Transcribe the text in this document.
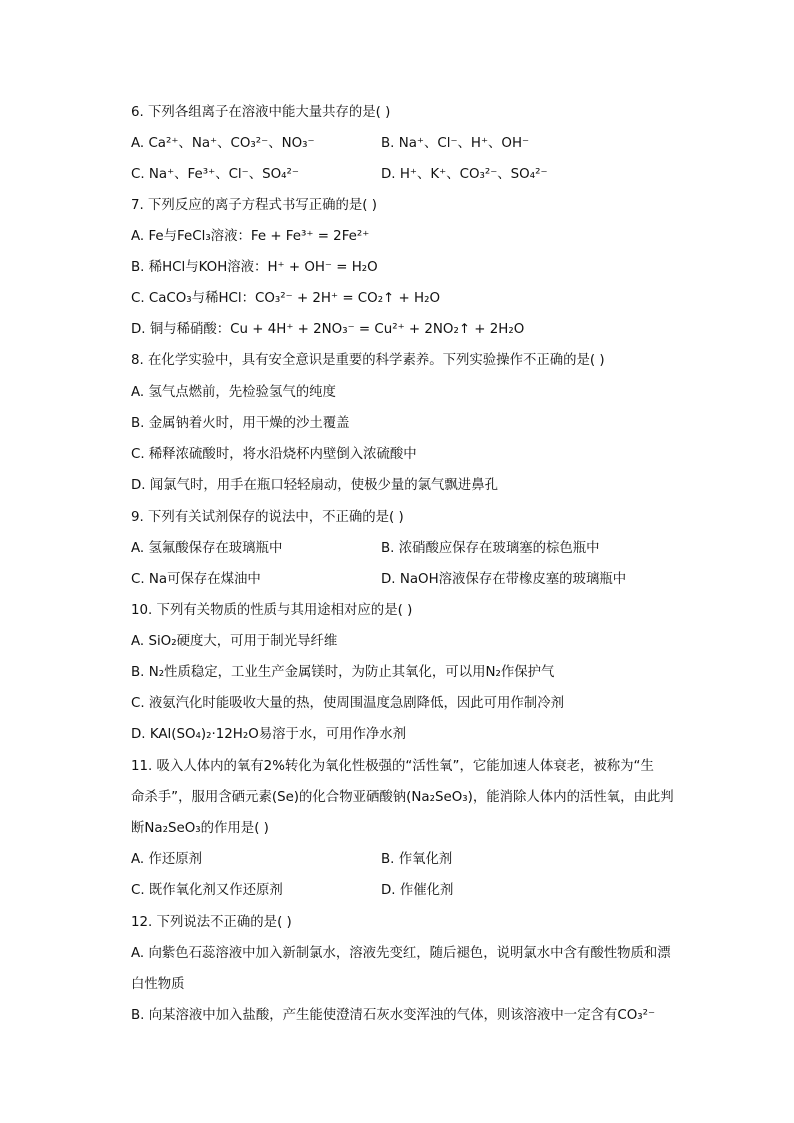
6. 下列各组离子在溶液中能大量共存的是( )
A. Ca²⁺、Na⁺、CO₃²⁻、NO₃⁻	B. Na⁺、Cl⁻、H⁺、OH⁻
C. Na⁺、Fe³⁺、Cl⁻、SO₄²⁻	D. H⁺、K⁺、CO₃²⁻、SO₄²⁻
7. 下列反应的离子方程式书写正确的是( )
A. Fe与FeCl₃溶液：Fe + Fe³⁺ = 2Fe²⁺
B. 稀HCl与KOH溶液：H⁺ + OH⁻ = H₂O
C. CaCO₃与稀HCl：CO₃²⁻ + 2H⁺ = CO₂↑ + H₂O
D. 铜与稀硝酸：Cu + 4H⁺ + 2NO₃⁻ = Cu²⁺ + 2NO₂↑ + 2H₂O
8. 在化学实验中，具有安全意识是重要的科学素养。下列实验操作不正确的是( )
A. 氢气点燃前，先检验氢气的纯度
B. 金属钠着火时，用干燥的沙土覆盖
C. 稀释浓硫酸时，将水沿烧杯内壁倒入浓硫酸中
D. 闻氯气时，用手在瓶口轻轻扇动，使极少量的氯气飘进鼻孔
9. 下列有关试剂保存的说法中，不正确的是( )
A. 氢氟酸保存在玻璃瓶中	B. 浓硝酸应保存在玻璃塞的棕色瓶中
C. Na可保存在煤油中	D. NaOH溶液保存在带橡皮塞的玻璃瓶中
10. 下列有关物质的性质与其用途相对应的是( )
A. SiO₂硬度大，可用于制光导纤维
B. N₂性质稳定，工业生产金属镁时，为防止其氧化，可以用N₂作保护气
C. 液氨汽化时能吸收大量的热，使周围温度急剧降低，因此可用作制冷剂
D. KAl(SO₄)₂·12H₂O易溶于水，可用作净水剂
11. 吸入人体内的氧有2%转化为氧化性极强的“活性氧”，它能加速人体衰老，被称为“生
命杀手”，服用含硒元素(Se)的化合物亚硒酸钠(Na₂SeO₃)，能消除人体内的活性氧，由此判
断Na₂SeO₃的作用是( )
A. 作还原剂	B. 作氧化剂
C. 既作氧化剂又作还原剂	D. 作催化剂
12. 下列说法不正确的是( )
A. 向紫色石蕊溶液中加入新制氯水，溶液先变红，随后褪色，说明氯水中含有酸性物质和漂
白性物质
B. 向某溶液中加入盐酸，产生能使澄清石灰水变浑浊的气体，则该溶液中一定含有CO₃²⁻
